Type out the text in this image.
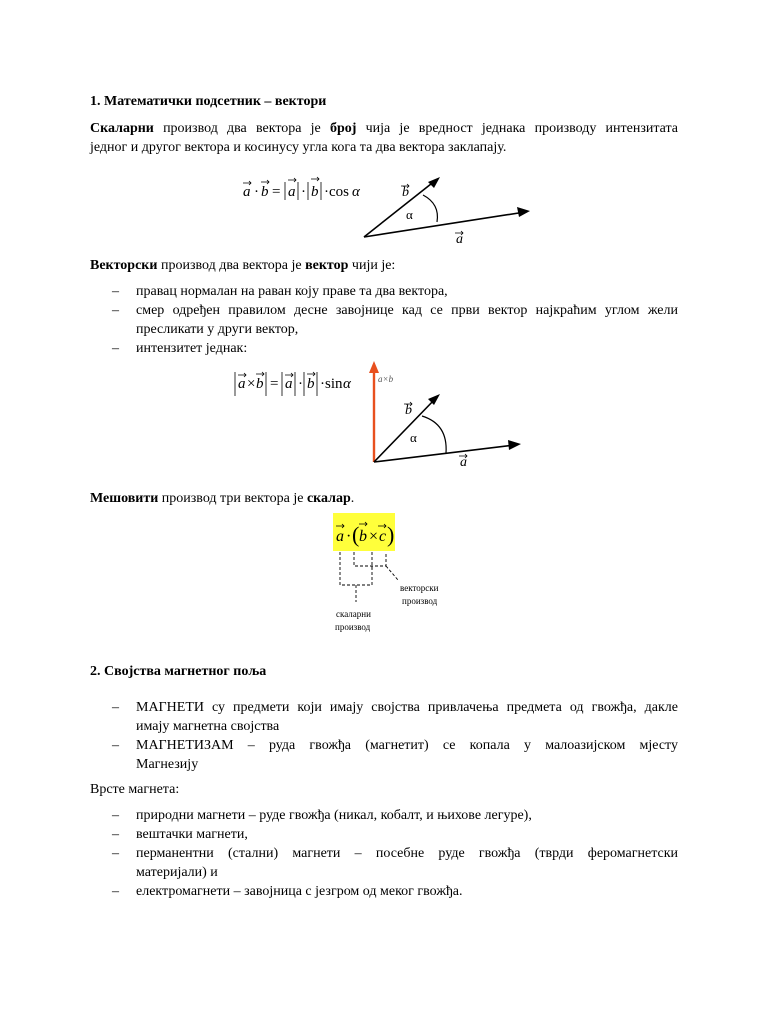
1. Математички подсетник – вектори
Скаларни производ два вектора је број чија је вредност једнака производу интензитата
једног и другог вектора и косинусу угла кога та два вектора заклапају.
a · b = a · b ·cos α	b
α
a
Векторски производ два вектора је вектор чији је:
– правац нормалан на раван коју праве та два вектора,
– смер одређен правилом десне завојнице кад се први вектор најкраћим углом жели
пресликати у други вектор,
– интензитет једнак:
a × b = a · b ·sin α	a×b
b
α
a
Мешовити производ три вектора је скалар.
a · ( b × c )
векторски
производ
скаларни
производ
2. Својства магнетног поља
– МАГНЕТИ су предмети који имају својства привлачења предмета од гвожђа, дакле
имају магнетна својства
– МАГНЕТИЗАМ – руда гвожђа (магнетит) се копала у малоазијском мјесту
Магнезију
Врсте магнета:
– природни магнети – руде гвожђа (никал, кобалт, и њихове легуре),
– вештачки магнети,
– перманентни (стални) магнети – посебне руде гвожђа (тврди феромагнетски
материјали) и
– електромагнети – завојница с језгром од меког гвожђа.
